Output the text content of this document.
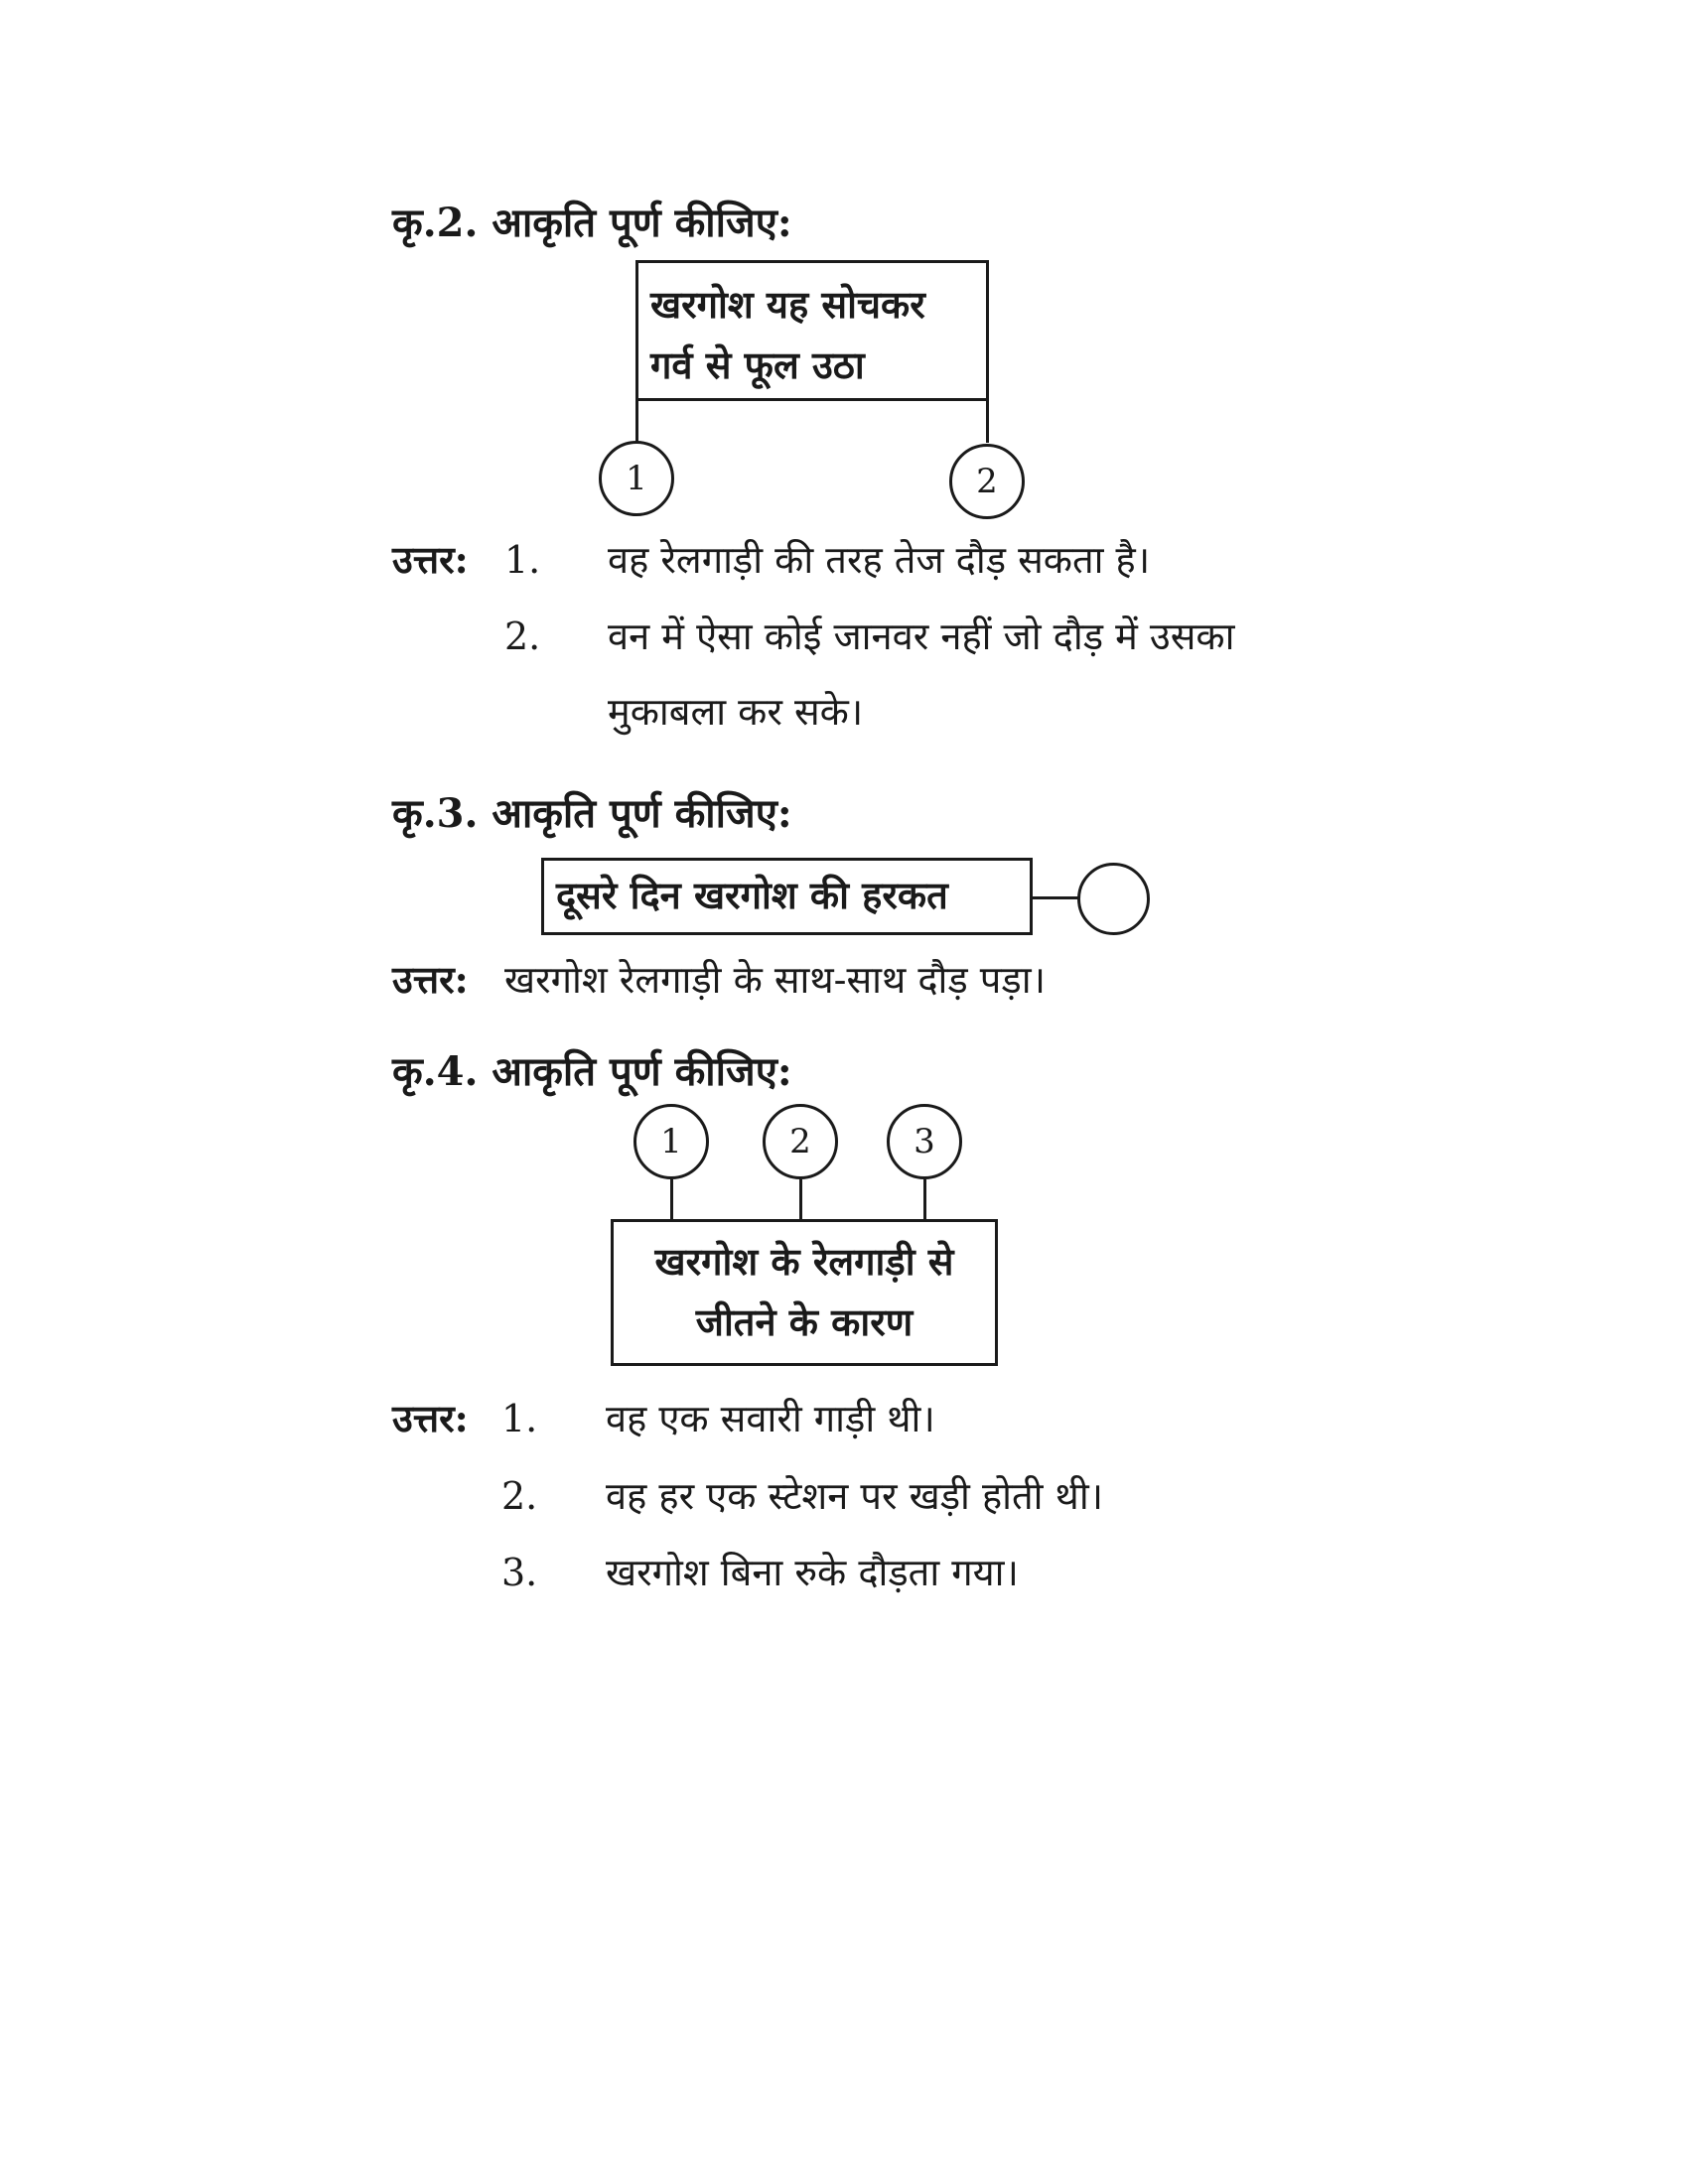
कृ.2. आकृति पूर्ण कीजिए:
खरगोश यह सोचकर
गर्व से फूल उठा
1	2
उत्तर: 1. वह रेलगाड़ी की तरह तेज दौड़ सकता है।
2. वन में ऐसा कोई जानवर नहीं जो दौड़ में उसका
मुकाबला कर सके।
कृ.3. आकृति पूर्ण कीजिए:
दूसरे दिन खरगोश की हरकत
उत्तर: खरगोश रेलगाड़ी के साथ-साथ दौड़ पड़ा।
कृ.4. आकृति पूर्ण कीजिए:
1	2	3
खरगोश के रेलगाड़ी से
जीतने के कारण
उत्तर: 1. वह एक सवारी गाड़ी थी।
2. वह हर एक स्टेशन पर खड़ी होती थी।
3. खरगोश बिना रुके दौड़ता गया।
